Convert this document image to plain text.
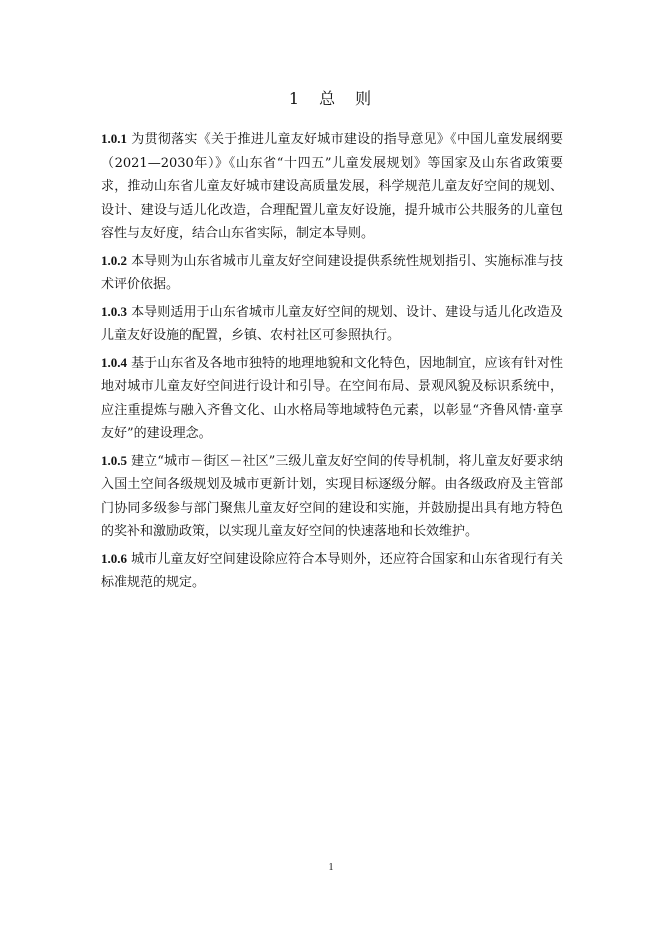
1　总　则

1.0.1 为贯彻落实《关于推进儿童友好城市建设的指导意见》《中国儿童发展纲要（2021—2030年）》《山东省“十四五”儿童发展规划》等国家及山东省政策要求，推动山东省儿童友好城市建设高质量发展，科学规范儿童友好空间的规划、设计、建设与适儿化改造，合理配置儿童友好设施，提升城市公共服务的儿童包容性与友好度，结合山东省实际，制定本导则。

1.0.2 本导则为山东省城市儿童友好空间建设提供系统性规划指引、实施标准与技术评价依据。

1.0.3 本导则适用于山东省城市儿童友好空间的规划、设计、建设与适儿化改造及儿童友好设施的配置，乡镇、农村社区可参照执行。

1.0.4 基于山东省及各地市独特的地理地貌和文化特色，因地制宜，应该有针对性地对城市儿童友好空间进行设计和引导。在空间布局、景观风貌及标识系统中，应注重提炼与融入齐鲁文化、山水格局等地域特色元素，以彰显“齐鲁风情·童享友好”的建设理念。

1.0.5 建立“城市－街区－社区”三级儿童友好空间的传导机制，将儿童友好要求纳入国土空间各级规划及城市更新计划，实现目标逐级分解。由各级政府及主管部门协同多级参与部门聚焦儿童友好空间的建设和实施，并鼓励提出具有地方特色的奖补和激励政策，以实现儿童友好空间的快速落地和长效维护。

1.0.6 城市儿童友好空间建设除应符合本导则外，还应符合国家和山东省现行有关标准规范的规定。

1
